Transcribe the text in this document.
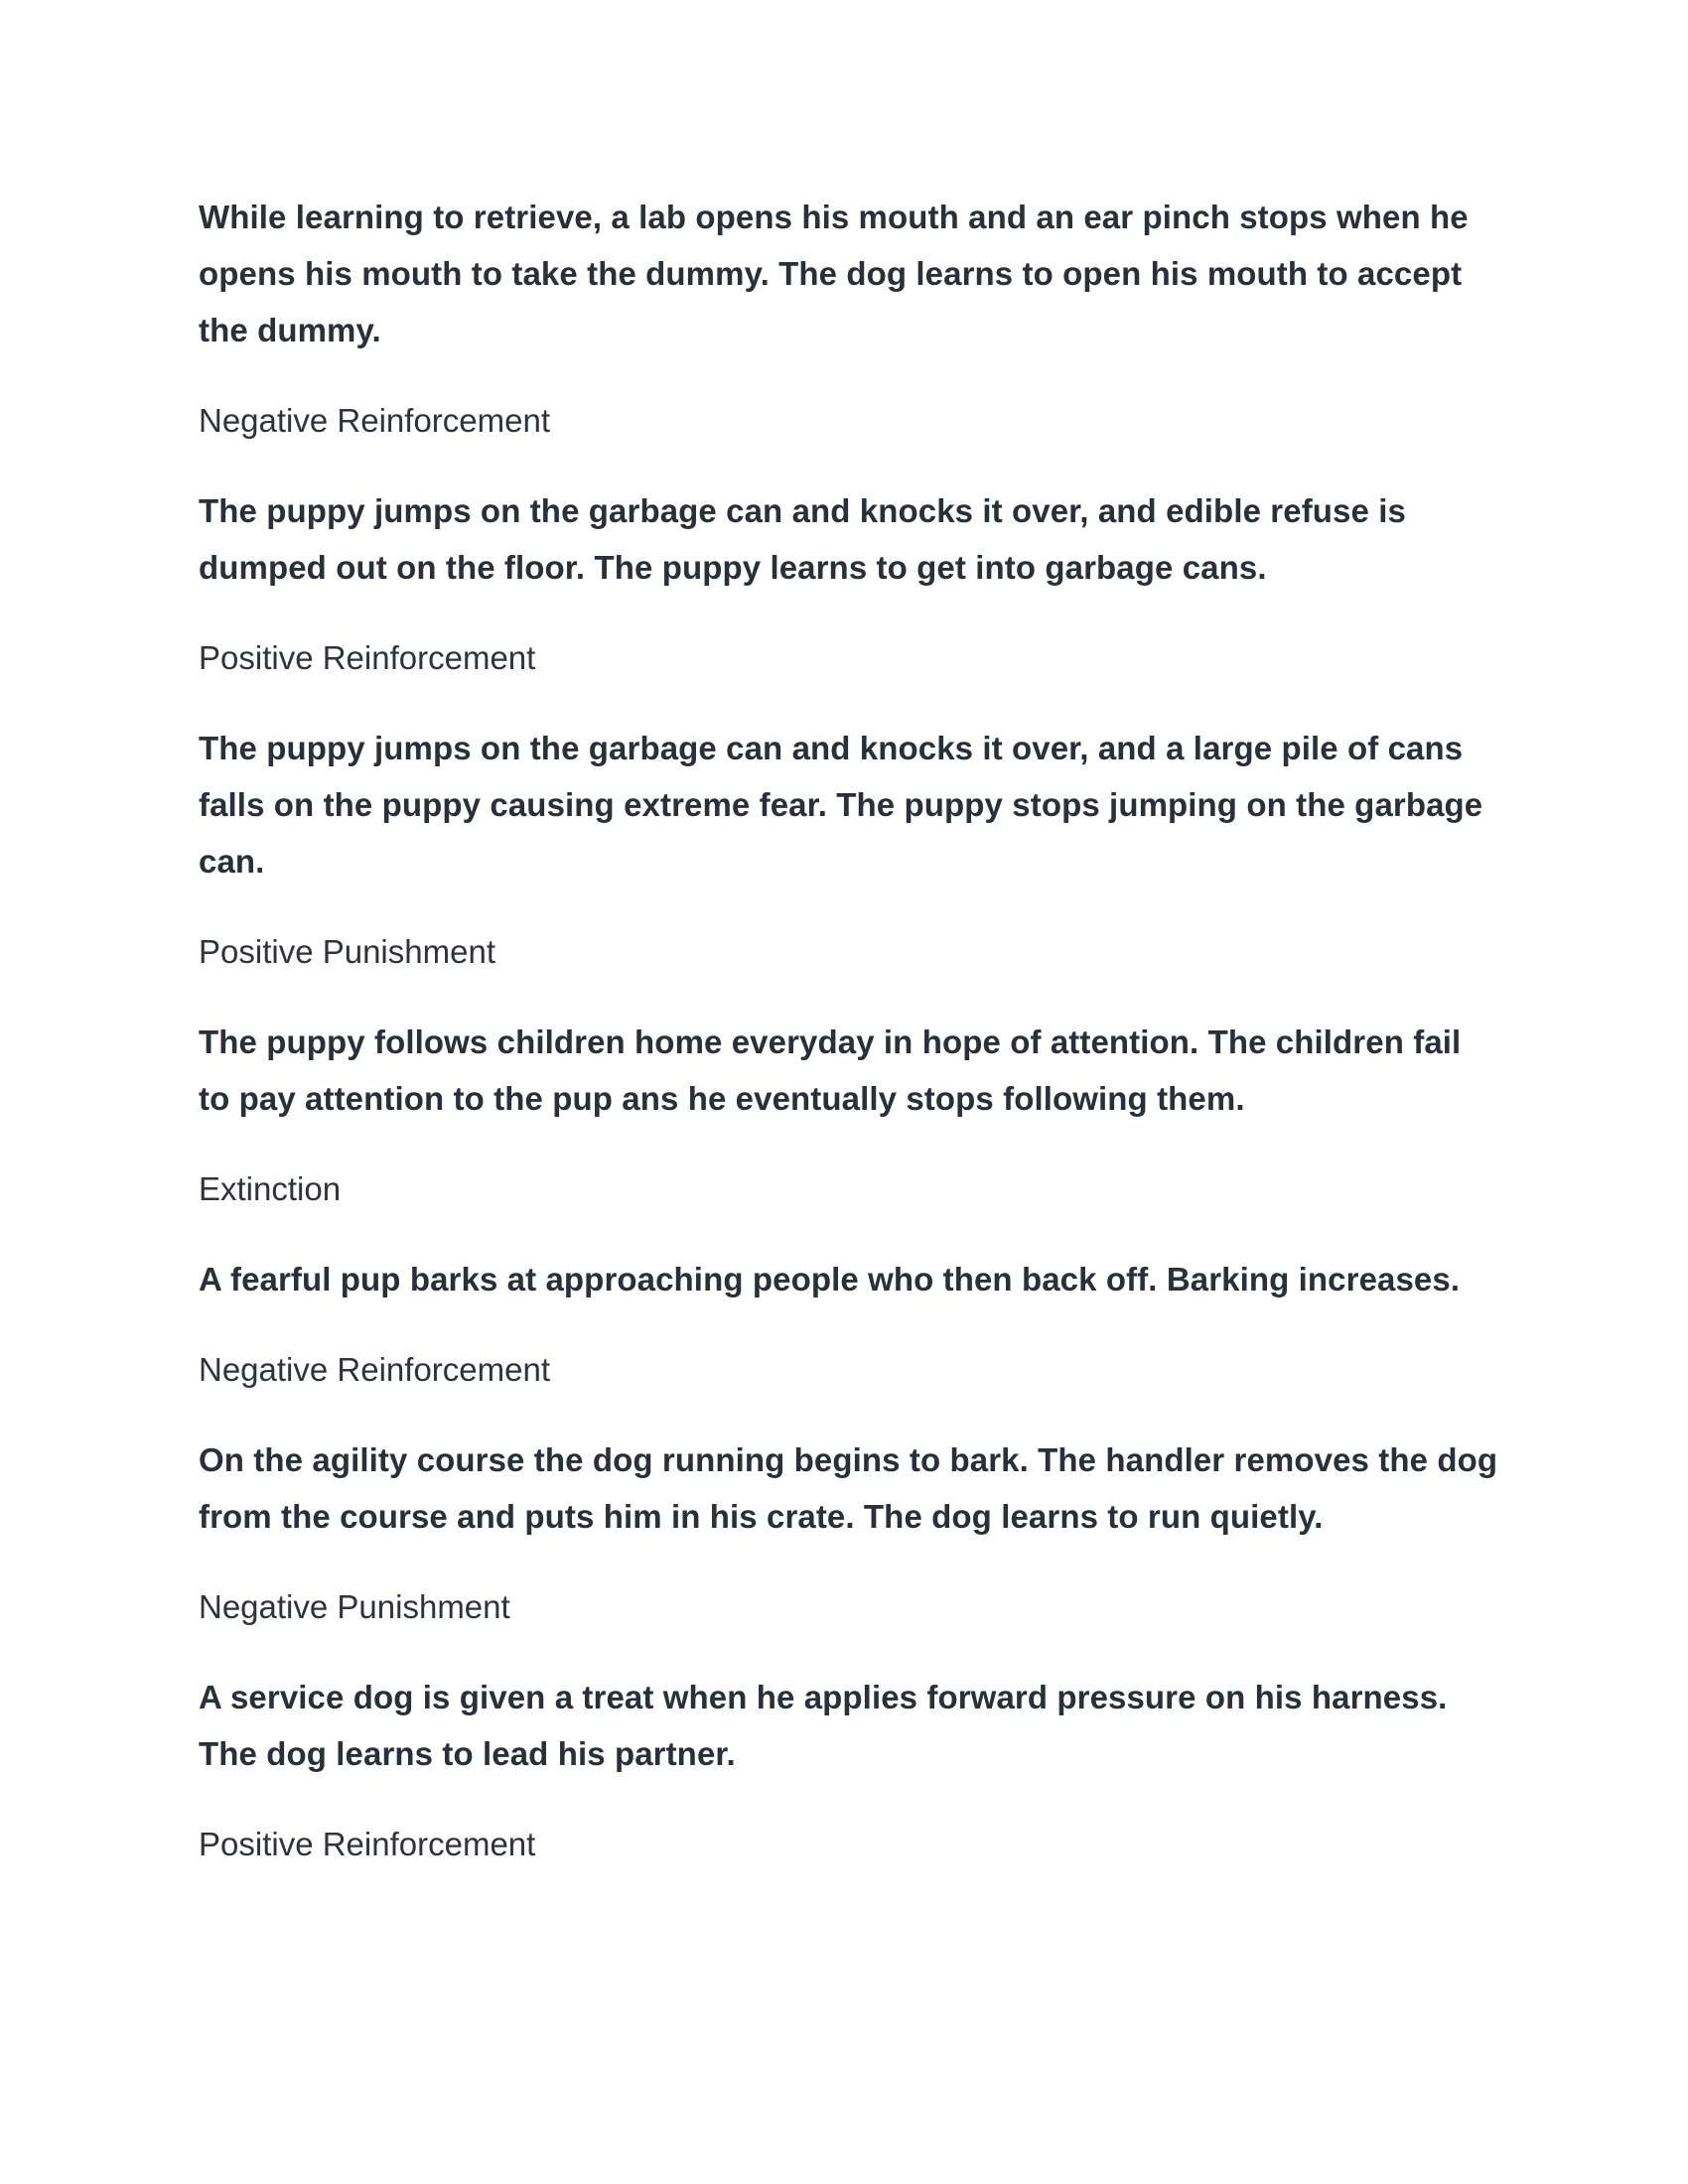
While learning to retrieve, a lab opens his mouth and an ear pinch stops when he opens his mouth to take the dummy. The dog learns to open his mouth to accept the dummy.

Negative Reinforcement

The puppy jumps on the garbage can and knocks it over, and edible refuse is dumped out on the floor. The puppy learns to get into garbage cans.

Positive Reinforcement

The puppy jumps on the garbage can and knocks it over, and a large pile of cans falls on the puppy causing extreme fear. The puppy stops jumping on the garbage can.

Positive Punishment

The puppy follows children home everyday in hope of attention. The children fail to pay attention to the pup ans he eventually stops following them.

Extinction

A fearful pup barks at approaching people who then back off. Barking increases.

Negative Reinforcement

On the agility course the dog running begins to bark. The handler removes the dog from the course and puts him in his crate. The dog learns to run quietly.

Negative Punishment

A service dog is given a treat when he applies forward pressure on his harness. The dog learns to lead his partner.

Positive Reinforcement
